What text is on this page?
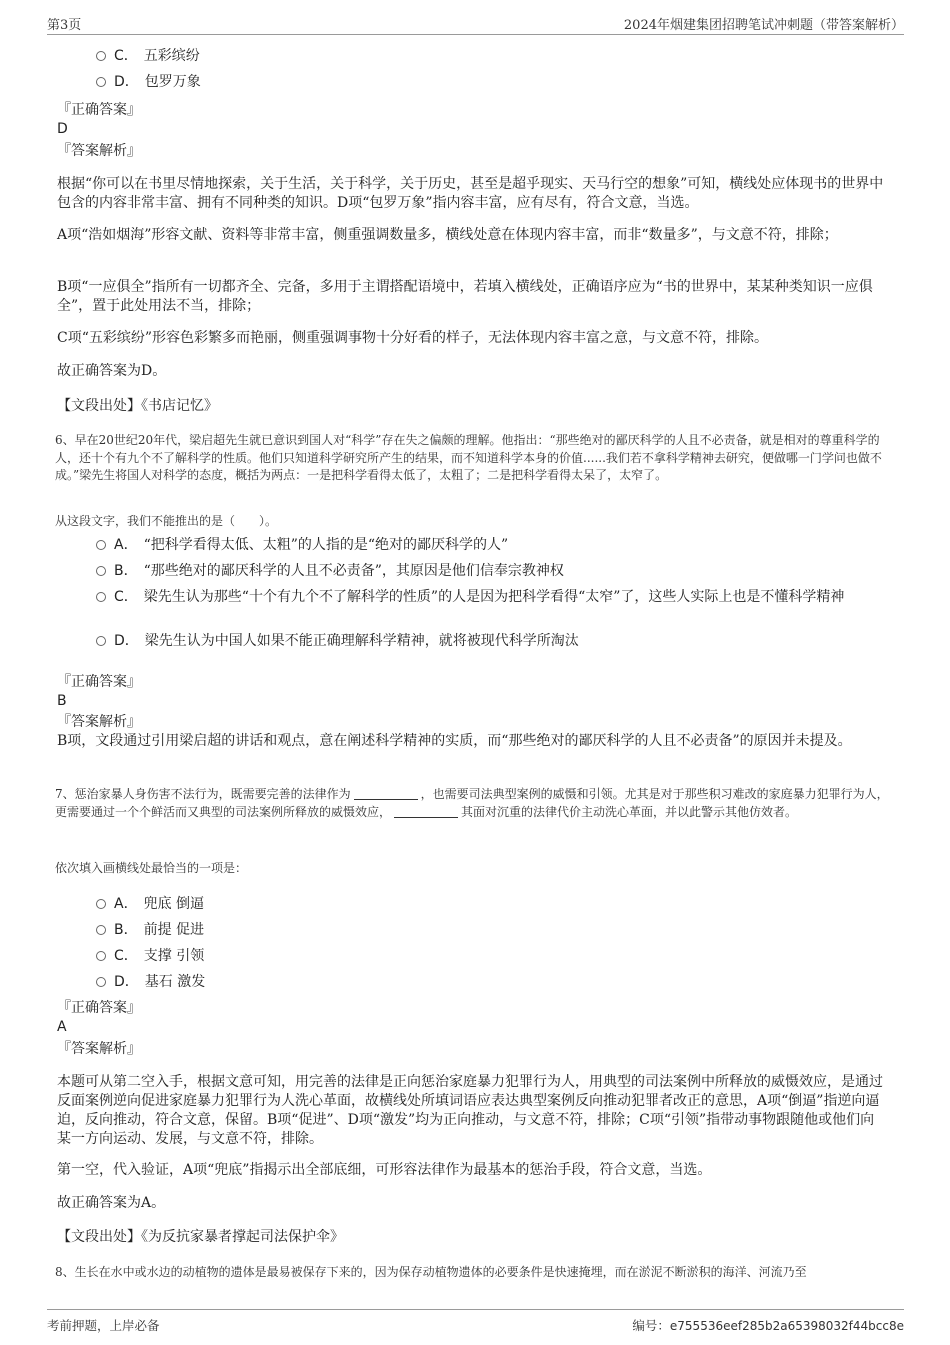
第3页	2024年烟建集团招聘笔试冲刺题（带答案解析）
C． 五彩缤纷
D． 包罗万象
『正确答案』
D
『答案解析』
根据“你可以在书里尽情地探索，关于生活，关于科学，关于历史，甚至是超乎现实、天马行空的想象”可知，横线处应体现书的世界中包含的内容非常丰富、拥有不同种类的知识。D项“包罗万象”指内容丰富，应有尽有，符合文意，当选。
A项“浩如烟海”形容文献、资料等非常丰富，侧重强调数量多，横线处意在体现内容丰富，而非“数量多”，与文意不符，排除；
B项“一应俱全”指所有一切都齐全、完备，多用于主谓搭配语境中，若填入横线处，正确语序应为“书的世界中，某某种类知识一应俱全”，置于此处用法不当，排除；
C项“五彩缤纷”形容色彩繁多而艳丽，侧重强调事物十分好看的样子，无法体现内容丰富之意，与文意不符，排除。
故正确答案为D。
【文段出处】《书店记忆》
6、早在20世纪20年代，梁启超先生就已意识到国人对“科学”存在失之偏颇的理解。他指出：“那些绝对的鄙厌科学的人且不必责备，就是相对的尊重科学的人，还十个有九个不了解科学的性质。他们只知道科学研究所产生的结果，而不知道科学本身的价值......我们若不拿科学精神去研究，便做哪一门学问也做不成。”梁先生将国人对科学的态度，概括为两点：一是把科学看得太低了，太粗了；二是把科学看得太呆了，太窄了。
从这段文字，我们不能推出的是（　　）。
A． “把科学看得太低、太粗”的人指的是“绝对的鄙厌科学的人”
B． “那些绝对的鄙厌科学的人且不必责备”，其原因是他们信奉宗教神权
C． 梁先生认为那些“十个有九个不了解科学的性质”的人是因为把科学看得“太窄”了，这些人实际上也是不懂科学精神
D． 梁先生认为中国人如果不能正确理解科学精神，就将被现代科学所淘汰
『正确答案』
B
『答案解析』
B项，文段通过引用梁启超的讲话和观点，意在阐述科学精神的实质，而“那些绝对的鄙厌科学的人且不必责备”的原因并未提及。
7、惩治家暴人身伤害不法行为，既需要完善的法律作为	，也需要司法典型案例的威慑和引领。尤其是对于那些积习难改的家庭暴力犯罪行为人，更需要通过一个个鲜活而又典型的司法案例所释放的威慑效应，	其面对沉重的法律代价主动洗心革面，并以此警示其他仿效者。
依次填入画横线处最恰当的一项是：
A． 兜底 倒逼
B． 前提 促进
C． 支撑 引领
D． 基石 激发
『正确答案』
A
『答案解析』
本题可从第二空入手，根据文意可知，用完善的法律是正向惩治家庭暴力犯罪行为人，用典型的司法案例中所释放的威慑效应，是通过反面案例逆向促进家庭暴力犯罪行为人洗心革面，故横线处所填词语应表达典型案例反向推动犯罪者改正的意思，A项“倒逼”指逆向逼迫，反向推动，符合文意，保留。B项“促进”、D项“激发”均为正向推动，与文意不符，排除；C项“引领”指带动事物跟随他或他们向某一方向运动、发展，与文意不符，排除。
第一空，代入验证，A项“兜底”指揭示出全部底细，可形容法律作为最基本的惩治手段，符合文意，当选。
故正确答案为A。
【文段出处】《为反抗家暴者撑起司法保护伞》
8、生长在水中或水边的动植物的遗体是最易被保存下来的，因为保存动植物遗体的必要条件是快速掩埋，而在淤泥不断淤积的海洋、河流乃至
考前押题，上岸必备	编号：e755536eef285b2a65398032f44bcc8e
